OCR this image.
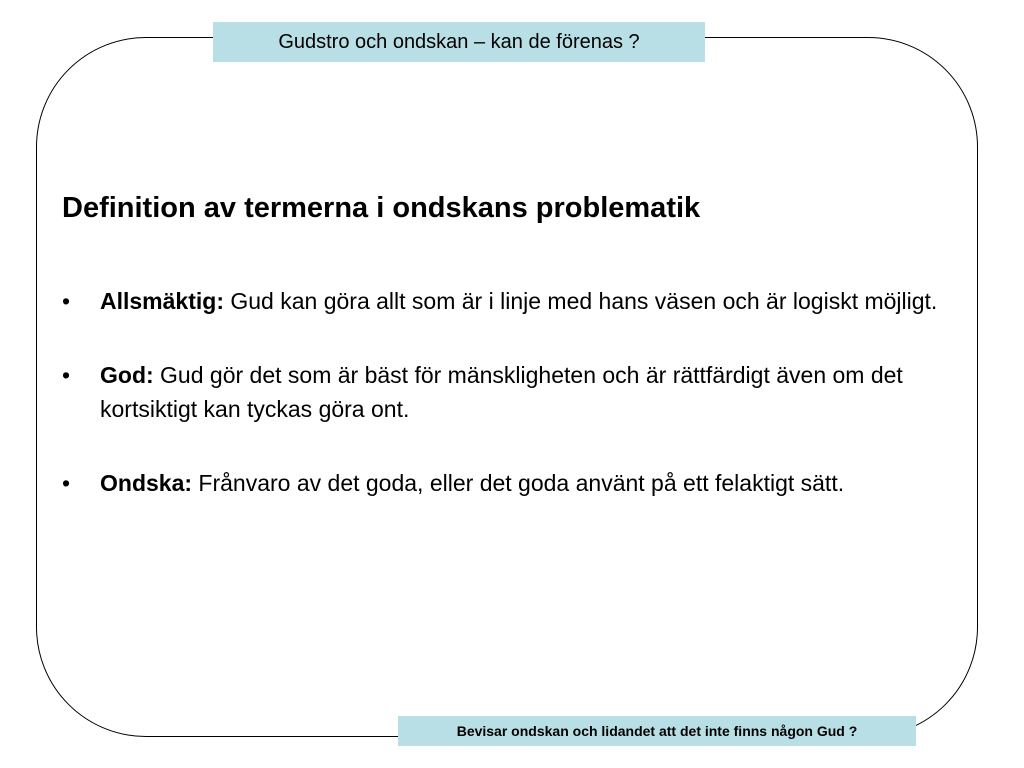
Gudstro och ondskan – kan de förenas ?
Definition av termerna i ondskans problematik
• Allsmäktig: Gud kan göra allt som är i linje med hans väsen och är logiskt möjligt.
• God: Gud gör det som är bäst för mänskligheten och är rättfärdigt även om det kortsiktigt kan tyckas göra ont.
• Ondska: Frånvaro av det goda, eller det goda använt på ett felaktigt sätt.
Bevisar ondskan och lidandet att det inte finns någon Gud ?
